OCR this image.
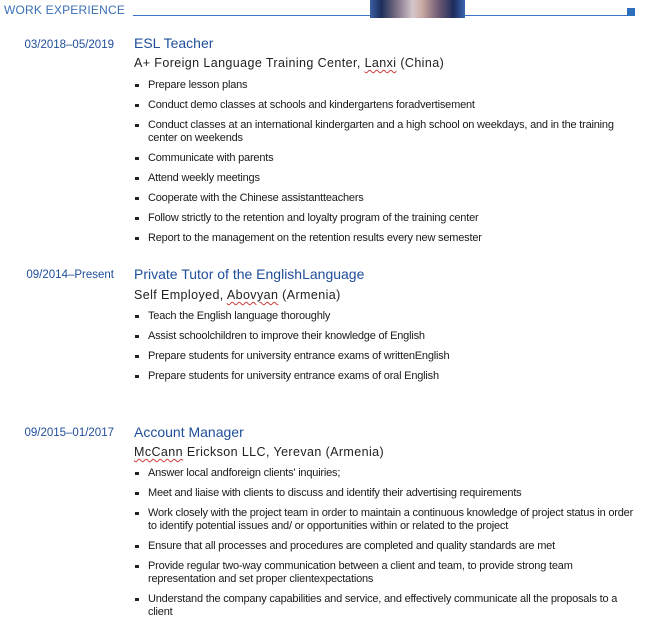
WORK EXPERIENCE
03/2018–05/2019 ESL Teacher
A+ Foreign Language Training Center, Lanxi (China)
Prepare lesson plans
Conduct demo classes at schools and kindergartens foradvertisement
Conduct classes at an international kindergarten and a high school on weekdays, and in the training center on weekends
Communicate with parents
Attend weekly meetings
Cooperate with the Chinese assistantteachers
Follow strictly to the retention and loyalty program of the training center
Report to the management on the retention results every new semester
09/2014–Present Private Tutor of the EnglishLanguage
Self Employed, Abovyan (Armenia)
Teach the English language thoroughly
Assist schoolchildren to improve their knowledge of English
Prepare students for university entrance exams of writtenEnglish
Prepare students for university entrance exams of oral English
09/2015–01/2017 Account Manager
McCann Erickson LLC, Yerevan (Armenia)
Answer local andforeign clients' inquiries;
Meet and liaise with clients to discuss and identify their advertising requirements
Work closely with the project team in order to maintain a continuous knowledge of project status in order to identify potential issues and/ or opportunities within or related to the project
Ensure that all processes and procedures are completed and quality standards are met
Provide regular two-way communication between a client and team, to provide strong team representation and set proper clientexpectations
Understand the company capabilities and service, and effectively communicate all the proposals to a client
